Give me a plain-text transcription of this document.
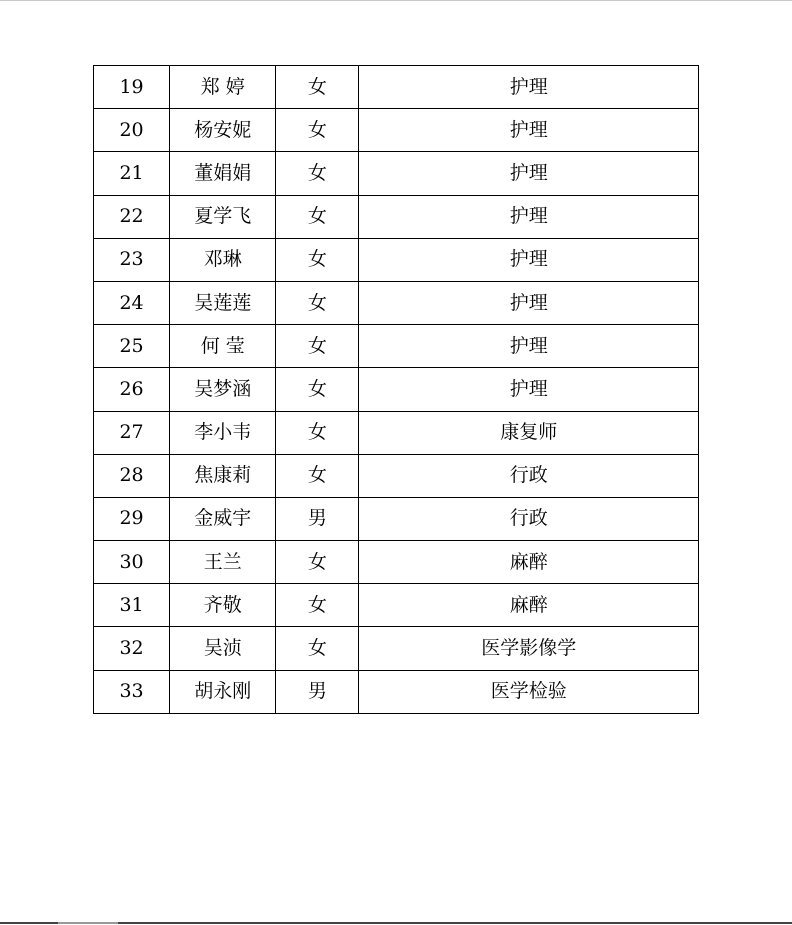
19	郑 婷	女	护理
20	杨安妮	女	护理
21	董娟娟	女	护理
22	夏学飞	女	护理
23	邓琳	女	护理
24	吴莲莲	女	护理
25	何 莹	女	护理
26	吴梦涵	女	护理
27	李小韦	女	康复师
28	焦康莉	女	行政
29	金威宇	男	行政
30	王兰	女	麻醉
31	齐敬	女	麻醉
32	吴浈	女	医学影像学
33	胡永刚	男	医学检验
